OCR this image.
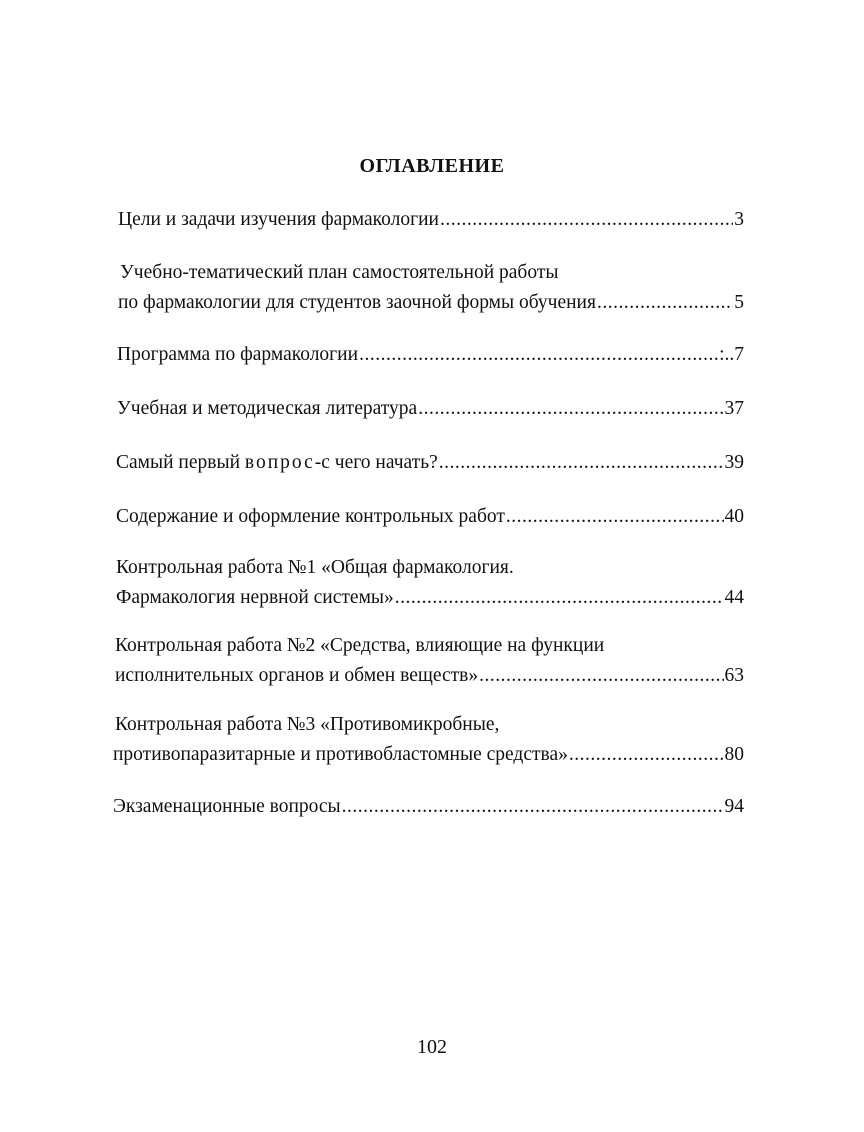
ОГЛАВЛЕНИЕ
Цели и задачи изучения фармакологии .....	3
Учебно-тематический план самостоятельной работы
по фармакологии для студентов заочной формы обучения .....	5
Программа по фармакологии .....	:..7
Учебная и методическая литература .....	37
Самый первый вопрос-с чего начать? .....	39
Содержание и оформление контрольных работ .....	40
Контрольная работа №1 «Общая фармакология.
Фармакология нервной системы» .....	44
Контрольная работа №2 «Средства, влияющие на функции
исполнительных органов и обмен веществ» .....	63
Контрольная работа №3 «Противомикробные,
противопаразитарные и противобластомные средства» .....	80
Экзаменационные вопросы .....	94
102
